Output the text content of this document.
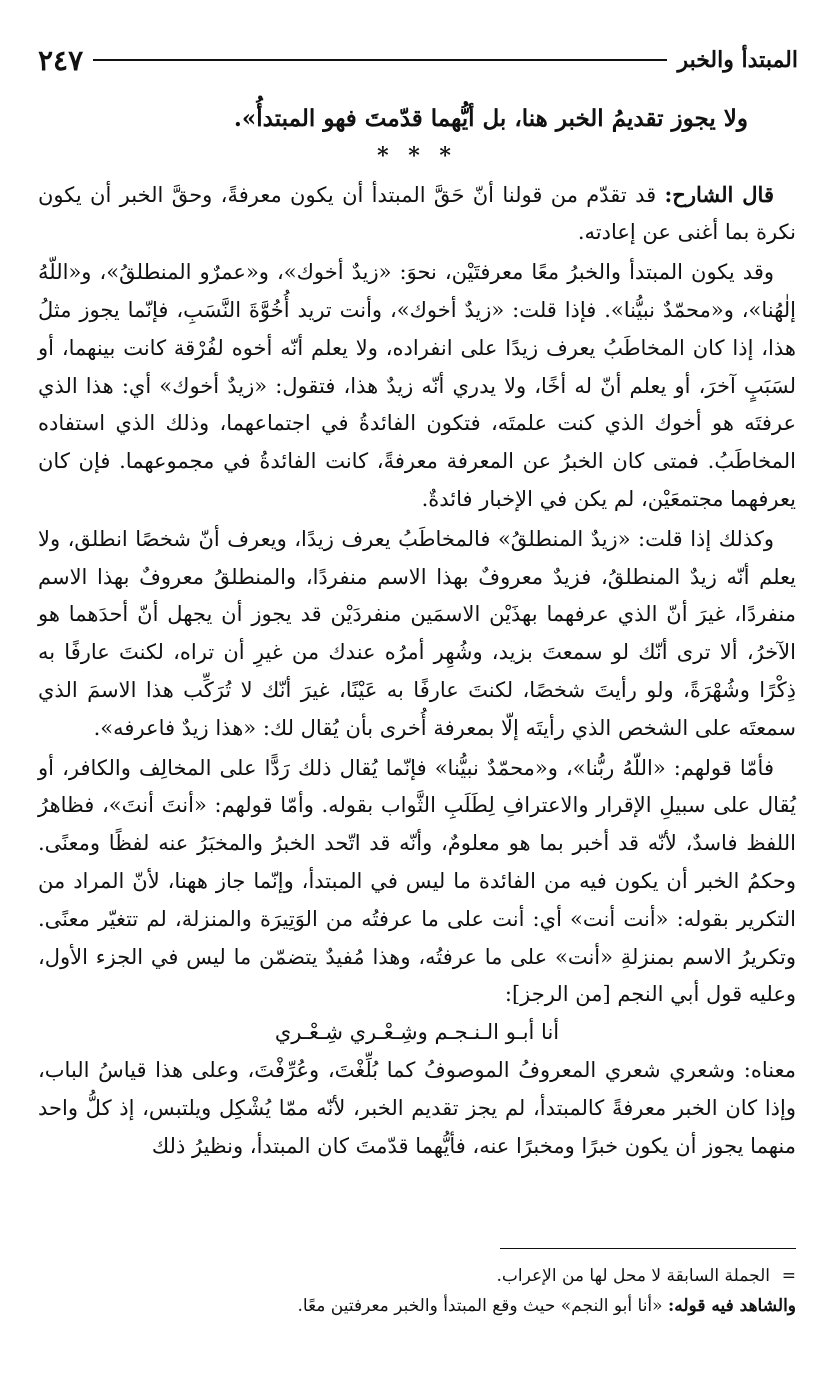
المبتدأ والخبر
٢٤٧

ولا يجوز تقديمُ الخبر هنا، بل أيُّهما قدّمتَ فهو المبتدأُ».

* * *

قال الشارح: قد تقدّم من قولنا أنّ حَقَّ المبتدأ أن يكون معرفةً، وحقَّ الخبر أن يكون نكرة بما أغنى عن إعادته.

وقد يكون المبتدأ والخبرُ معًا معرفتَيْن، نحوَ: «زيدٌ أخوك»، و«عمرٌو المنطلقُ»، و«اللّهُ إلٰهُنا»، و«محمّدٌ نبيُّنا». فإذا قلت: «زيدٌ أخوك»، وأنت تريد أُخُوَّةَ النَّسَبِ، فإنّما يجوز مثلُ هذا، إذا كان المخاطَبُ يعرف زيدًا على انفراده، ولا يعلم أنّه أخوه لفُرْقة كانت بينهما، أو لسَبَبٍ آخرَ، أو يعلم أنّ له أخًا، ولا يدري أنّه زيدٌ هذا، فتقول: «زيدٌ أخوك» أي: هذا الذي عرفتَه هو أخوك الذي كنت علمتَه، فتكون الفائدةُ في اجتماعهما، وذلك الذي استفاده المخاطَبُ. فمتى كان الخبرُ عن المعرفة معرفةً، كانت الفائدةُ في مجموعهما. فإن كان يعرفهما مجتمعَيْن، لم يكن في الإخبار فائدةٌ.

وكذلك إذا قلت: «زيدٌ المنطلقُ» فالمخاطَبُ يعرف زيدًا، ويعرف أنّ شخصًا انطلق، ولا يعلم أنّه زيدٌ المنطلقُ، فزيدٌ معروفٌ بهذا الاسم منفردًا، والمنطلقُ معروفٌ بهذا الاسم منفردًا، غيرَ أنّ الذي عرفهما بهذَيْن الاسمَين منفردَيْن قد يجوز أن يجهل أنّ أحدَهما هو الآخرُ، ألا ترى أنّك لو سمعتَ بزيد، وشُهِر أمرُه عندك من غيرِ أن تراه، لكنتَ عارفًا به ذِكْرًا وشُهْرَةً، ولو رأيتَ شخصًا، لكنتَ عارفًا به عَيْنًا، غيرَ أنّك لا تُرَكِّب هذا الاسمَ الذي سمعتَه على الشخص الذي رأيتَه إلّا بمعرفة أُخرى بأن يُقال لك: «هذا زيدٌ فاعرفه».

فأمّا قولهم: «اللّهُ ربُّنا»، و«محمّدٌ نبيُّنا» فإنّما يُقال ذلك رَدًّا على المخالِف والكافر، أو يُقال على سبيلِ الإقرار والاعترافِ لِطَلَبِ الثَّواب بقوله. وأمّا قولهم: «أنتَ أنتَ»، فظاهرُ اللفظ فاسدٌ، لأنّه قد أخبر بما هو معلومٌ، وأنّه قد اتّحد الخبرُ والمخبَرُ عنه لفظًا ومعنًى. وحكمُ الخبر أن يكون فيه من الفائدة ما ليس في المبتدأ، وإنّما جاز ههنا، لأنّ المراد من التكرير بقوله: «أنت أنت» أي: أنت على ما عرفتُه من الوَتِيرَة والمنزلة، لم تتغيّر معنًى. وتكريرُ الاسم بمنزلةِ «أنت» على ما عرفتُه، وهذا مُفيدٌ يتضمّن ما ليس في الجزء الأول، وعليه قول أبي النجم [من الرجز]:

أنا أبـو الـنـجـم وشِـعْـري شِـعْـري

معناه: وشعري شعري المعروفُ الموصوفُ كما بُلِّغْتَ، وعُرِّفْتَ، وعلى هذا قياسُ الباب، وإذا كان الخبر معرفةً كالمبتدأ، لم يجز تقديم الخبر، لأنّه ممّا يُشْكِل ويلتبس، إذ كلُّ واحد منهما يجوز أن يكون خبرًا ومخبرًا عنه، فأيُّهما قدّمتَ كان المبتدأ، ونظيرُ ذلك

=الجملة السابقة لا محل لها من الإعراب.

والشاهد فيه قوله: «أنا أبو النجم» حيث وقع المبتدأ والخبر معرفتين معًا.
